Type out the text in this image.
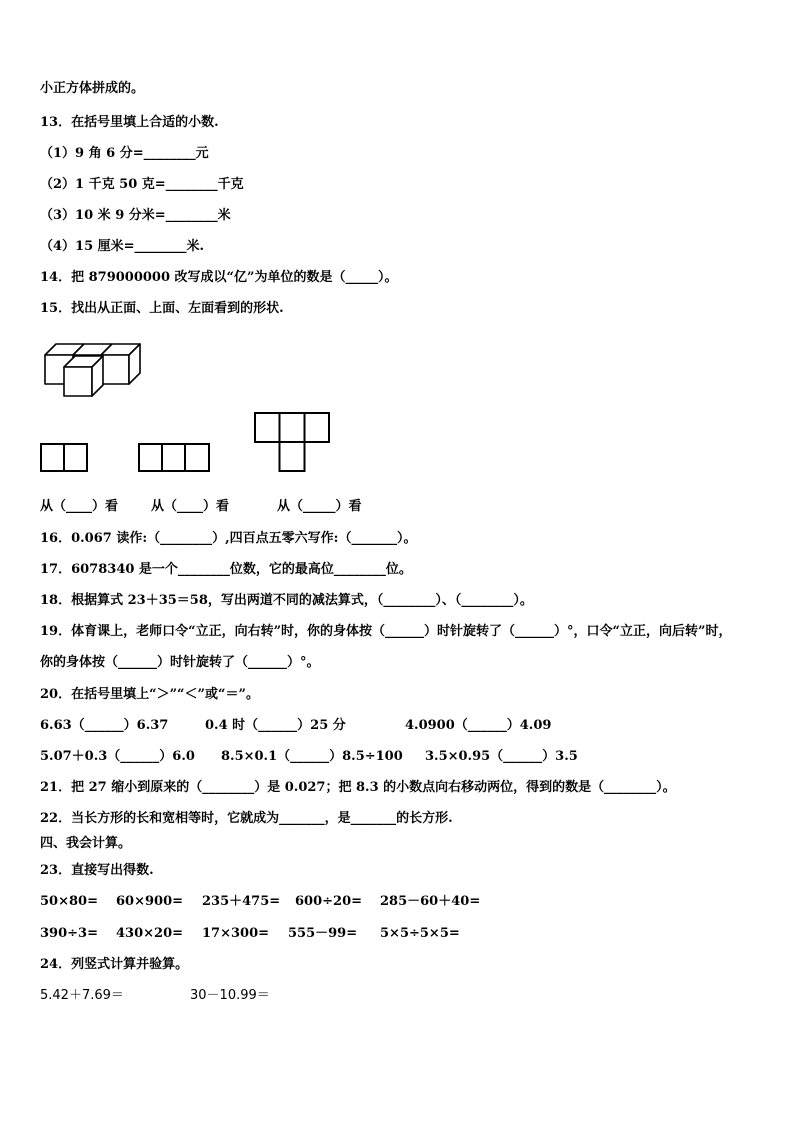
小正方体拼成的。
13．在括号里填上合适的小数.
（1）9 角 6 分=________元
（2）1 千克 50 克=________千克
（3）10 米 9 分米=________米
（4）15 厘米=________米.
14．把 879000000 改写成以“亿”为单位的数是（_____）。
15．找出从正面、上面、左面看到的形状.
从（____）看	从（____）看	从（_____）看
16．0.067 读作:（________）,四百点五零六写作:（_______）。
17．6078340 是一个________位数，它的最高位________位。
18．根据算式 23＋35＝58，写出两道不同的减法算式，（________）、（________）。
19．体育课上，老师口令“立正，向右转”时，你的身体按（______）时针旋转了（______）°，口令“立正，向后转”时，
你的身体按（______）时针旋转了（______）°。
20．在括号里填上“＞”“＜”或“＝”。
6.63（______）6.37	0.4 时（______）25 分	4.0900（______）4.09
5.07＋0.3（______）6.0 8.5×0.1（______）8.5÷100 3.5×0.95（______）3.5
21．把 27 缩小到原来的（________）是 0.027；把 8.3 的小数点向右移动两位，得到的数是（________）。
22．当长方形的长和宽相等时，它就成为_______，是_______的长方形.
四、我会计算。
23．直接写出得数.
50×80= 60×900= 235＋475= 600÷20= 285－60＋40=
390÷3= 430×20= 17×300= 555－99= 5×5÷5×5=
24．列竖式计算并验算。
5.42＋7.69＝	30－10.99＝
